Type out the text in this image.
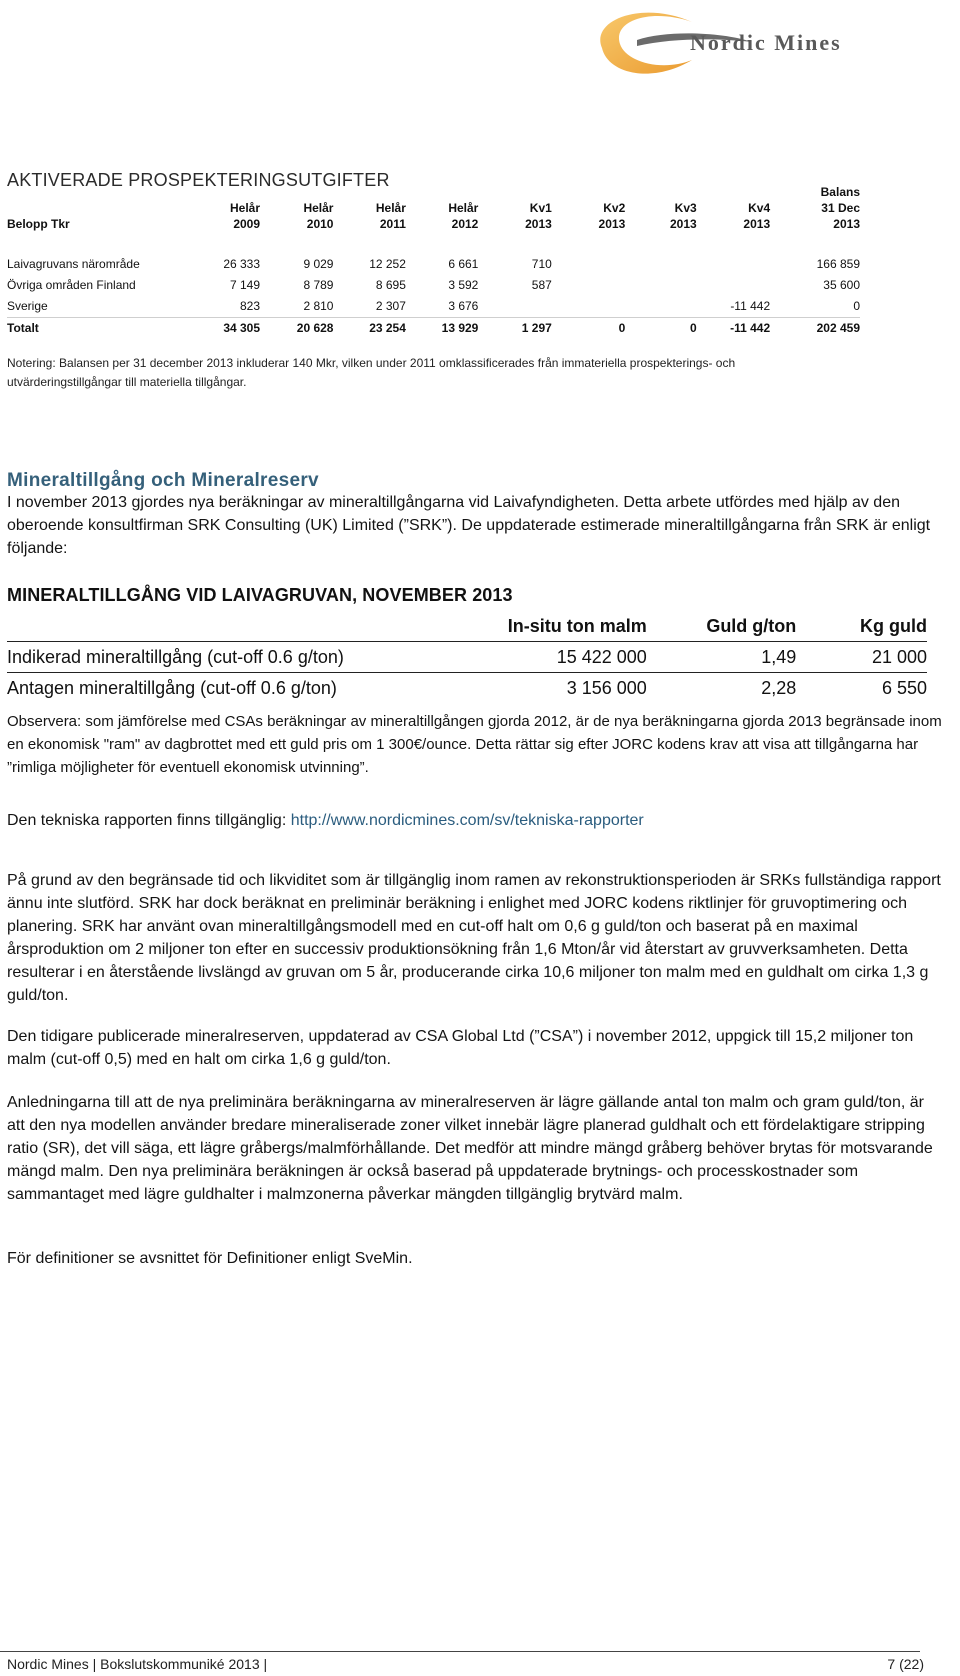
Nordic Mines
AKTIVERADE PROSPEKTERINGSUTGIFTER
									Balans
	Helår	Helår	Helår	Helår	Kv1	Kv2	Kv3	Kv4	31 Dec
Belopp Tkr	2009	2010	2011	2012	2013	2013	2013	2013	2013

Laivagruvans närområde	26 333	9 029	12 252	6 661	710				166 859
Övriga områden Finland	7 149	8 789	8 695	3 592	587				35 600
Sverige	823	2 810	2 307	3 676				-11 442	0
Totalt	34 305	20 628	23 254	13 929	1 297	0	0	-11 442	202 459
Notering: Balansen per 31 december 2013 inkluderar 140 Mkr, vilken under 2011 omklassificerades från immateriella prospekterings- och utvärderingstillgångar till materiella tillgångar.
Mineraltillgång och Mineralreserv
I november 2013 gjordes nya beräkningar av mineraltillgångarna vid Laivafyndigheten. Detta arbete utfördes med hjälp av den oberoende konsultfirman SRK Consulting (UK) Limited (”SRK”). De uppdaterade estimerade mineraltillgångarna från SRK är enligt följande:
MINERALTILLGÅNG VID LAIVAGRUVAN, NOVEMBER 2013
	In-situ ton malm	Guld g/ton	Kg guld
Indikerad mineraltillgång (cut-off 0.6 g/ton)	15 422 000	1,49	21 000
Antagen mineraltillgång (cut-off 0.6 g/ton)	3 156 000	2,28	6 550
Observera: som jämförelse med CSAs beräkningar av mineraltillgången gjorda 2012, är de nya beräkningarna gjorda 2013 begränsade inom en ekonomisk "ram" av dagbrottet med ett guld pris om 1 300€/ounce. Detta rättar sig efter JORC kodens krav att visa att tillgångarna har ”rimliga möjligheter för eventuell ekonomisk utvinning”.
Den tekniska rapporten finns tillgänglig: http://www.nordicmines.com/sv/tekniska-rapporter
På grund av den begränsade tid och likviditet som är tillgänglig inom ramen av rekonstruktionsperioden är SRKs fullständiga rapport ännu inte slutförd. SRK har dock beräknat en preliminär beräkning i enlighet med JORC kodens riktlinjer för gruvoptimering och planering. SRK har använt ovan mineraltillgångsmodell med en cut-off halt om 0,6 g guld/ton och baserat på en maximal årsproduktion om 2 miljoner ton efter en successiv produktionsökning från 1,6 Mton/år vid återstart av gruvverksamheten. Detta resulterar i en återstående livslängd av gruvan om 5 år, producerande cirka 10,6 miljoner ton malm med en guldhalt om cirka 1,3 g guld/ton.
Den tidigare publicerade mineralreserven, uppdaterad av CSA Global Ltd (”CSA”) i november 2012, uppgick till 15,2 miljoner ton malm (cut-off 0,5) med en halt om cirka 1,6 g guld/ton.
Anledningarna till att de nya preliminära beräkningarna av mineralreserven är lägre gällande antal ton malm och gram guld/ton, är att den nya modellen använder bredare mineraliserade zoner vilket innebär lägre planerad guldhalt och ett fördelaktigare stripping ratio (SR), det vill säga, ett lägre gråbergs/malmförhållande. Det medför att mindre mängd gråberg behöver brytas för motsvarande mängd malm. Den nya preliminära beräkningen är också baserad på uppdaterade brytnings- och processkostnader som sammantaget med lägre guldhalter i malmzonerna påverkar mängden tillgänglig brytvärd malm.
För definitioner se avsnittet för Definitioner enligt SveMin.
Nordic Mines | Bokslutskommuniké 2013 |	7 (22)
